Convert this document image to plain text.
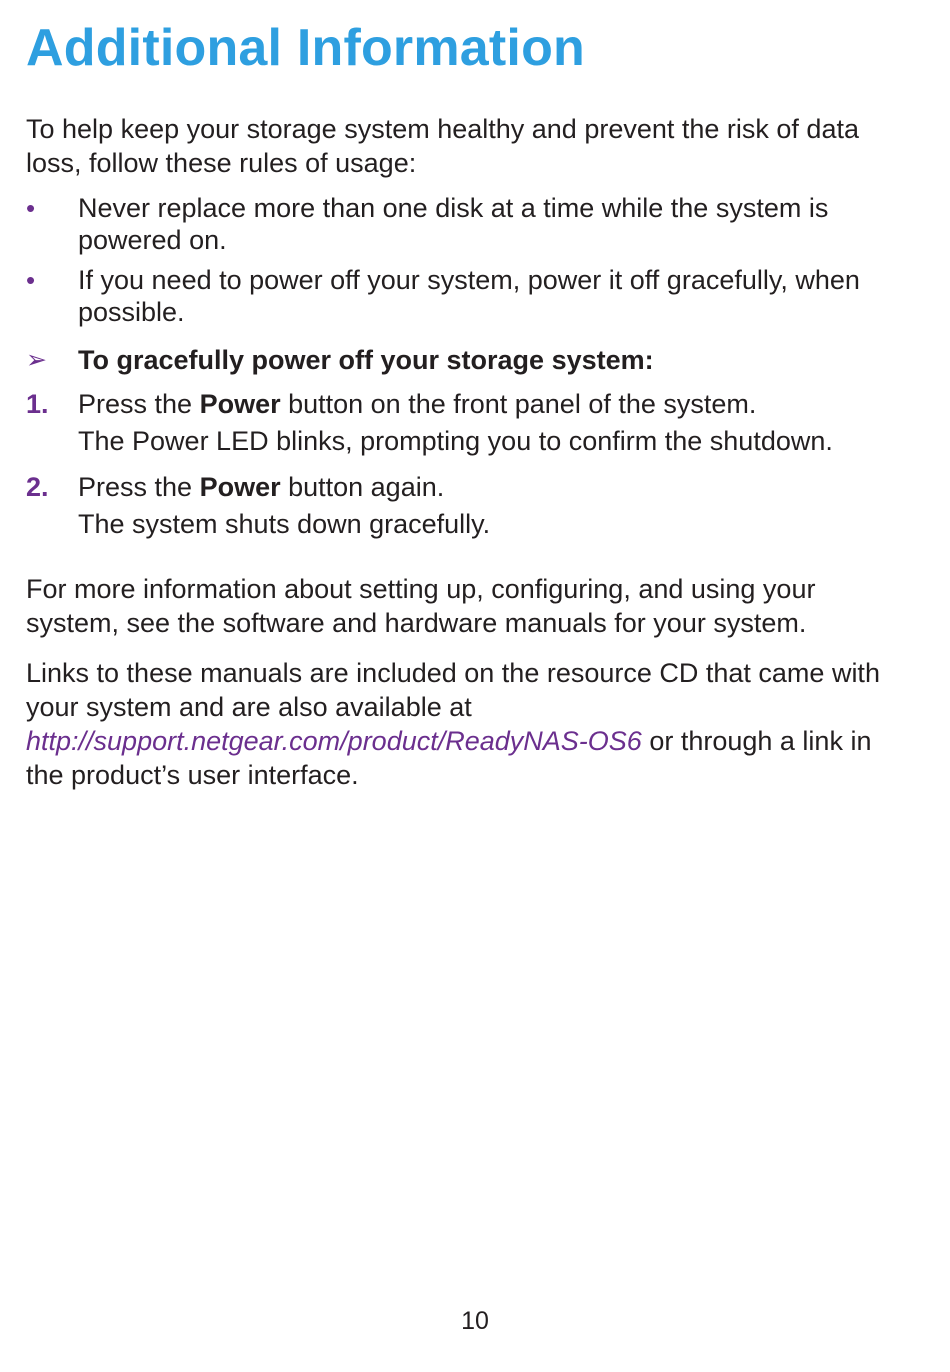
Additional Information

To help keep your storage system healthy and prevent the risk of data loss, follow these rules of usage:

• Never replace more than one disk at a time while the system is powered on.
• If you need to power off your system, power it off gracefully, when possible.
➢ To gracefully power off your storage system:
1. Press the Power button on the front panel of the system.
The Power LED blinks, prompting you to confirm the shutdown.
2. Press the Power button again.
The system shuts down gracefully.

For more information about setting up, configuring, and using your system, see the software and hardware manuals for your system.

Links to these manuals are included on the resource CD that came with your system and are also available at http://support.netgear.com/product/ReadyNAS-OS6 or through a link in the product’s user interface.

10
